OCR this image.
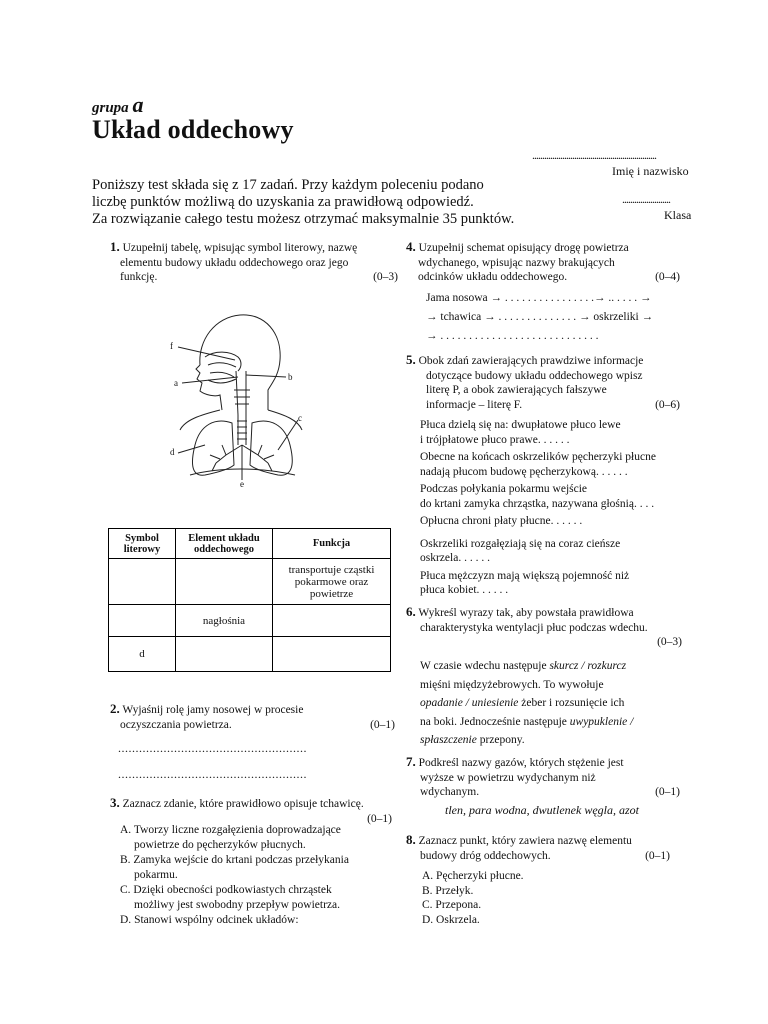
grupa a
Układ oddechowy
..............................................................
Imię i nazwisko
........................
Klasa
Poniższy test składa się z 17 zadań. Przy każdym poleceniu podano
liczbę punktów możliwą do uzyskania za prawidłową odpowiedź.
Za rozwiązanie całego testu możesz otrzymać maksymalnie 35 punktów.
1. Uzupełnij tabelę, wpisując symbol literowy, nazwę
elementu budowy układu oddechowego oraz jego
funkcję.	(0–3)
f
a
b
c
d
e
Symbol literowy	Element układu oddechowego	Funkcja
		transportuje cząstki pokarmowe oraz powietrze
	nagłośnia	
d		
2. Wyjaśnij rolę jamy nosowej w procesie
oczyszczania powietrza.	(0–1)
......................................................
......................................................
3. Zaznacz zdanie, które prawidłowo opisuje tchawicę.
(0–1)
A. Tworzy liczne rozgałęzienia doprowadzające
powietrze do pęcherzyków płucnych.
B. Zamyka wejście do krtani podczas przełykania
pokarmu.
C. Dzięki obecności podkowiastych chrząstek
możliwy jest swobodny przepływ powietrza.
D. Stanowi wspólny odcinek układów:
4. Uzupełnij schemat opisujący drogę powietrza
wdychanego, wpisując nazwy brakujących
odcinków układu oddechowego.	(0–4)
Jama nosowa → . . . . . . . . . . . . . . . .→ .. . . . . →
→ tchawica → . . . . . . . . . . . . . . → oskrzeliki →
→ . . . . . . . . . . . . . . . . . . . . . . . . . . . .
5. Obok zdań zawierających prawdziwe informacje
dotyczące budowy układu oddechowego wpisz
literę P, a obok zawierających fałszywe
informacje – literę F.	(0–6)
Płuca dzielą się na: dwupłatowe płuco lewe
i trójpłatowe płuco prawe. . . . . .
Obecne na końcach oskrzelików pęcherzyki płucne
nadają płucom budowę pęcherzykową. . . . . .
Podczas połykania pokarmu wejście
do krtani zamyka chrząstka, nazywana głośnią. . . .
Opłucna chroni płaty płucne. . . . . .
Oskrzeliki rozgałęziają się na coraz cieńsze
oskrzela. . . . . .
Płuca mężczyzn mają większą pojemność niż
płuca kobiet. . . . . .
6. Wykreśl wyrazy tak, aby powstała prawidłowa
charakterystyka wentylacji płuc podczas wdechu.
(0–3)
W czasie wdechu następuje skurcz / rozkurcz
mięśni międzyżebrowych. To wywołuje
opadanie / uniesienie żeber i rozsunięcie ich
na boki. Jednocześnie następuje uwypuklenie /
spłaszczenie przepony.
7. Podkreśl nazwy gazów, których stężenie jest
wyższe w powietrzu wydychanym niż
wdychanym.	(0–1)
tlen, para wodna, dwutlenek węgla, azot
8. Zaznacz punkt, który zawiera nazwę elementu
budowy dróg oddechowych.	(0–1)
A. Pęcherzyki płucne.
B. Przełyk.
C. Przepona.
D. Oskrzela.
